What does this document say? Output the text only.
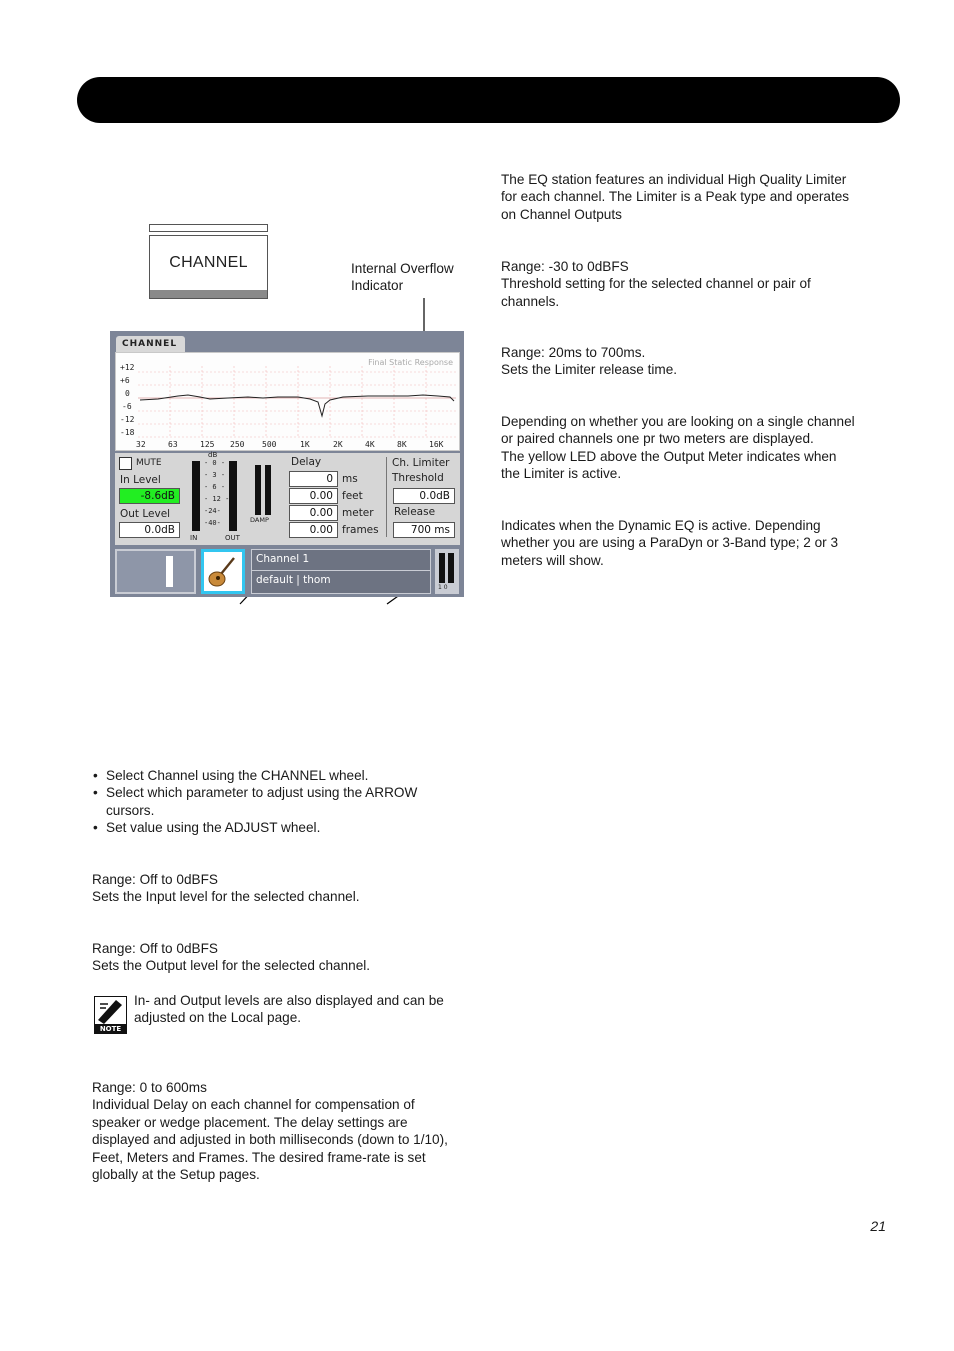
CHANNEL	Internal Overflow
Indicator
CHANNEL
Final Static Response
+12
+6
0
-6
-12
-18
32	63	125 250 500	1K	2K	4K	8K	16K
MUTE
In Level
-8.6dB
Out Level
0.0dB
dB
- 0 -
- 3 -
- 6 -
- 12 -
-24-
-40-	DAMP
IN	OUT
Delay
0 ms
0.00 feet
0.00 meter
0.00 frames
Ch. Limiter
Threshold
0.0dB
Release
700 ms
Channel 1
default | thom
1 0
The EQ station features an individual High Quality Limiter
for each channel. The Limiter is a Peak type and operates
on Channel Outputs
Range: -30 to 0dBFS
Threshold setting for the selected channel or pair of
channels.
Range: 20ms to 700ms.
Sets the Limiter release time.
Depending on whether you are looking on a single channel
or paired channels one pr two meters are displayed.
The yellow LED above the Output Meter indicates when
the Limiter is active.
Indicates when the Dynamic EQ is active. Depending
whether you are using a ParaDyn or 3-Band type; 2 or 3
meters will show.
• Select Channel using the CHANNEL wheel.
• Select which parameter to adjust using the ARROW
cursors.
• Set value using the ADJUST wheel.
Range: Off to 0dBFS
Sets the Input level for the selected channel.
Range: Off to 0dBFS
Sets the Output level for the selected channel.
NOTE
In- and Output levels are also displayed and can be
adjusted on the Local page.
Range: 0 to 600ms
Individual Delay on each channel for compensation of
speaker or wedge placement. The delay settings are
displayed and adjusted in both milliseconds (down to 1/10),
Feet, Meters and Frames. The desired frame-rate is set
globally at the Setup pages.
21
